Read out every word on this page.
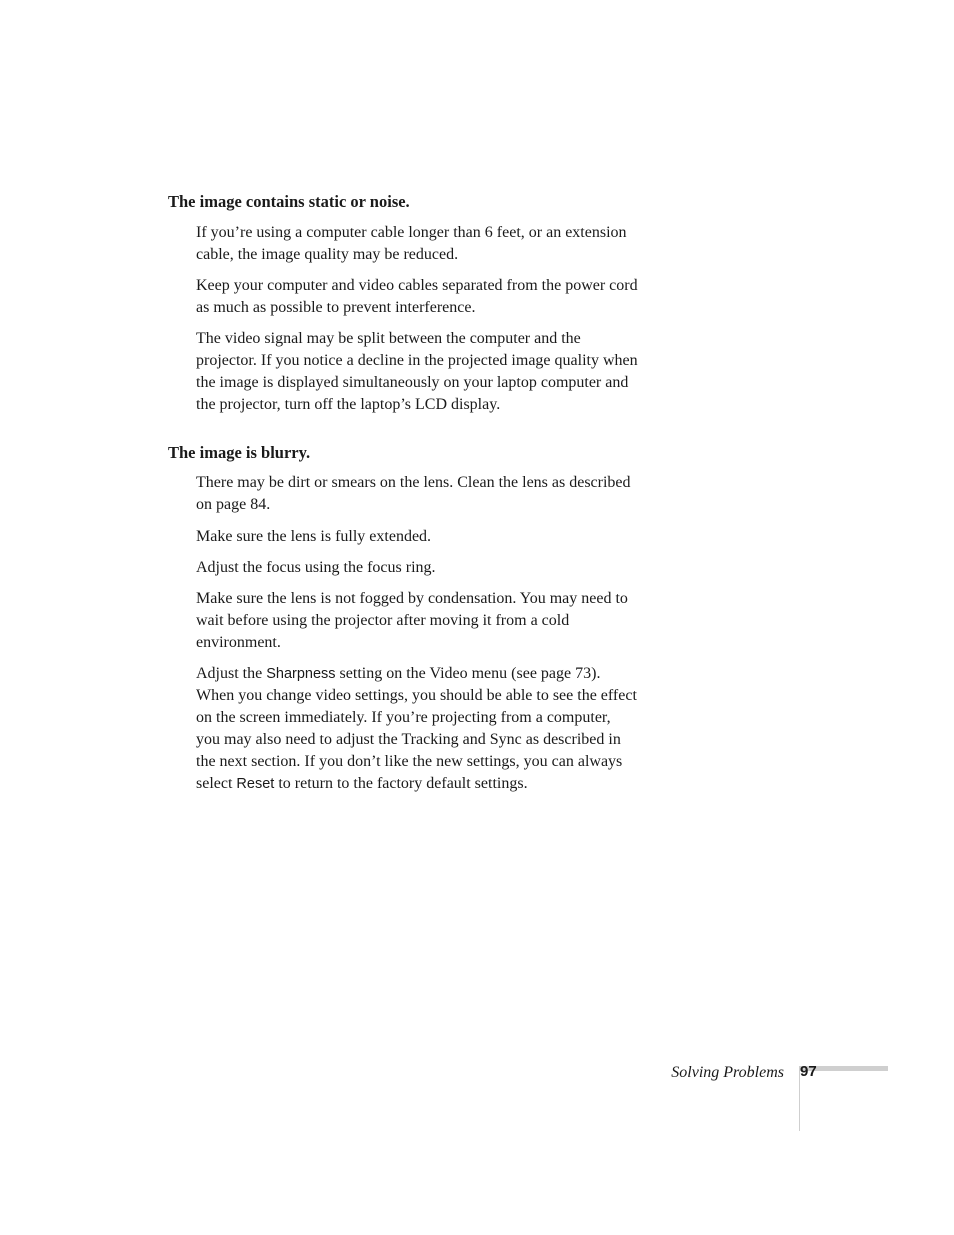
The image contains static or noise.

If you’re using a computer cable longer than 6 feet, or an extension cable, the image quality may be reduced.

Keep your computer and video cables separated from the power cord as much as possible to prevent interference.

The video signal may be split between the computer and the projector. If you notice a decline in the projected image quality when the image is displayed simultaneously on your laptop computer and the projector, turn off the laptop’s LCD display.

The image is blurry.

There may be dirt or smears on the lens. Clean the lens as described on page 84.

Make sure the lens is fully extended.

Adjust the focus using the focus ring.

Make sure the lens is not fogged by condensation. You may need to wait before using the projector after moving it from a cold environment.

Adjust the Sharpness setting on the Video menu (see page 73). When you change video settings, you should be able to see the effect on the screen immediately. If you’re projecting from a computer, you may also need to adjust the Tracking and Sync as described in the next section. If you don’t like the new settings, you can always select Reset to return to the factory default settings.

Solving Problems 97
